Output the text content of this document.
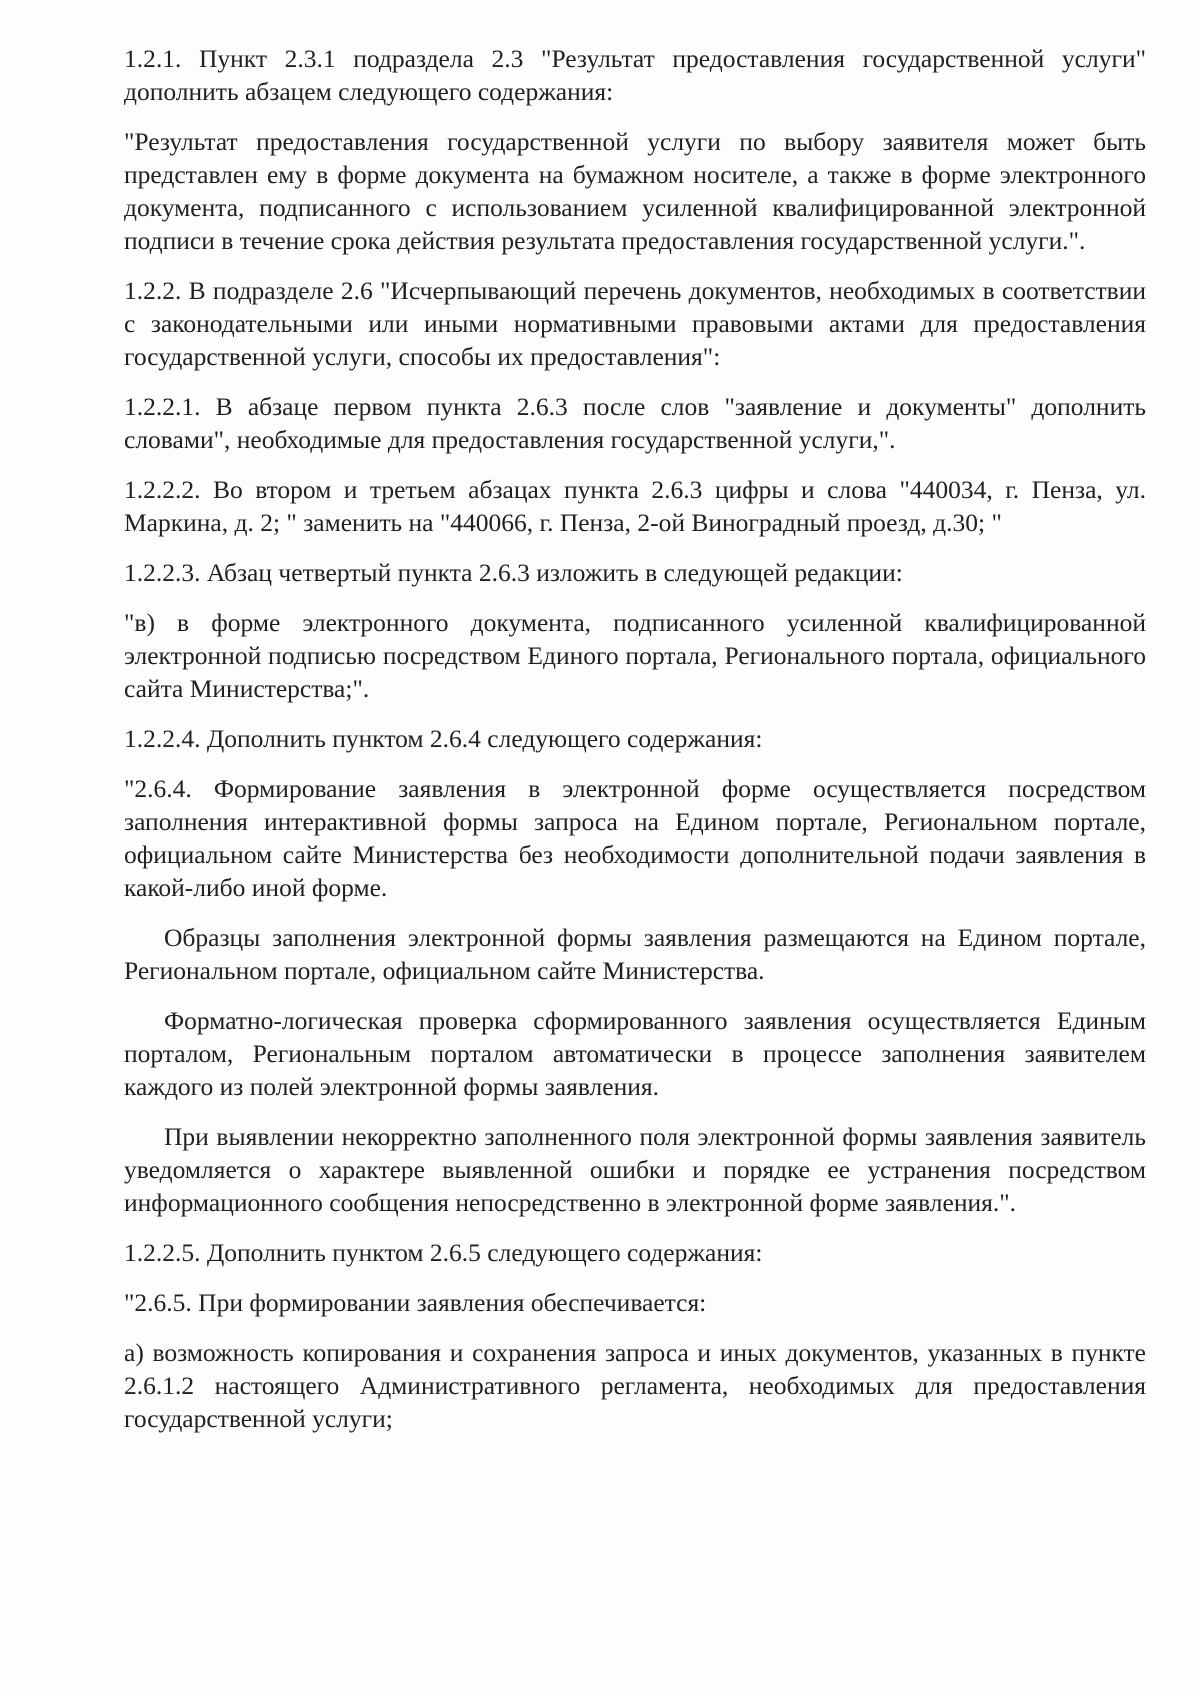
1.2.1. Пункт 2.3.1 подраздела 2.3 "Результат предоставления государственной услуги" дополнить абзацем следующего содержания:

"Результат предоставления государственной услуги по выбору заявителя может быть представлен ему в форме документа на бумажном носителе, а также в форме электронного документа, подписанного с использованием усиленной квалифицированной электронной подписи в течение срока действия результата предоставления государственной услуги.".

1.2.2. В подразделе 2.6 "Исчерпывающий перечень документов, необходимых в соответствии с законодательными или иными нормативными правовыми актами для предоставления государственной услуги, способы их предоставления":

1.2.2.1. В абзаце первом пункта 2.6.3 после слов "заявление и документы" дополнить словами", необходимые для предоставления государственной услуги,".

1.2.2.2. Во втором и третьем абзацах пункта 2.6.3 цифры и слова "440034, г. Пенза, ул. Маркина, д. 2; " заменить на "440066, г. Пенза, 2-ой Виноградный проезд, д.30; "

1.2.2.3. Абзац четвертый пункта 2.6.3 изложить в следующей редакции:

"в) в форме электронного документа, подписанного усиленной квалифицированной электронной подписью посредством Единого портала, Регионального портала, официального сайта Министерства;".

1.2.2.4. Дополнить пунктом 2.6.4 следующего содержания:

"2.6.4. Формирование заявления в электронной форме осуществляется посредством заполнения интерактивной формы запроса на Едином портале, Региональном портале, официальном сайте Министерства без необходимости дополнительной подачи заявления в какой-либо иной форме.

Образцы заполнения электронной формы заявления размещаются на Едином портале, Региональном портале, официальном сайте Министерства.

Форматно-логическая проверка сформированного заявления осуществляется Единым порталом, Региональным порталом автоматически в процессе заполнения заявителем каждого из полей электронной формы заявления.

При выявлении некорректно заполненного поля электронной формы заявления заявитель уведомляется о характере выявленной ошибки и порядке ее устранения посредством информационного сообщения непосредственно в электронной форме заявления.".

1.2.2.5. Дополнить пунктом 2.6.5 следующего содержания:

"2.6.5. При формировании заявления обеспечивается:

а) возможность копирования и сохранения запроса и иных документов, указанных в пункте 2.6.1.2 настоящего Административного регламента, необходимых для предоставления государственной услуги;
